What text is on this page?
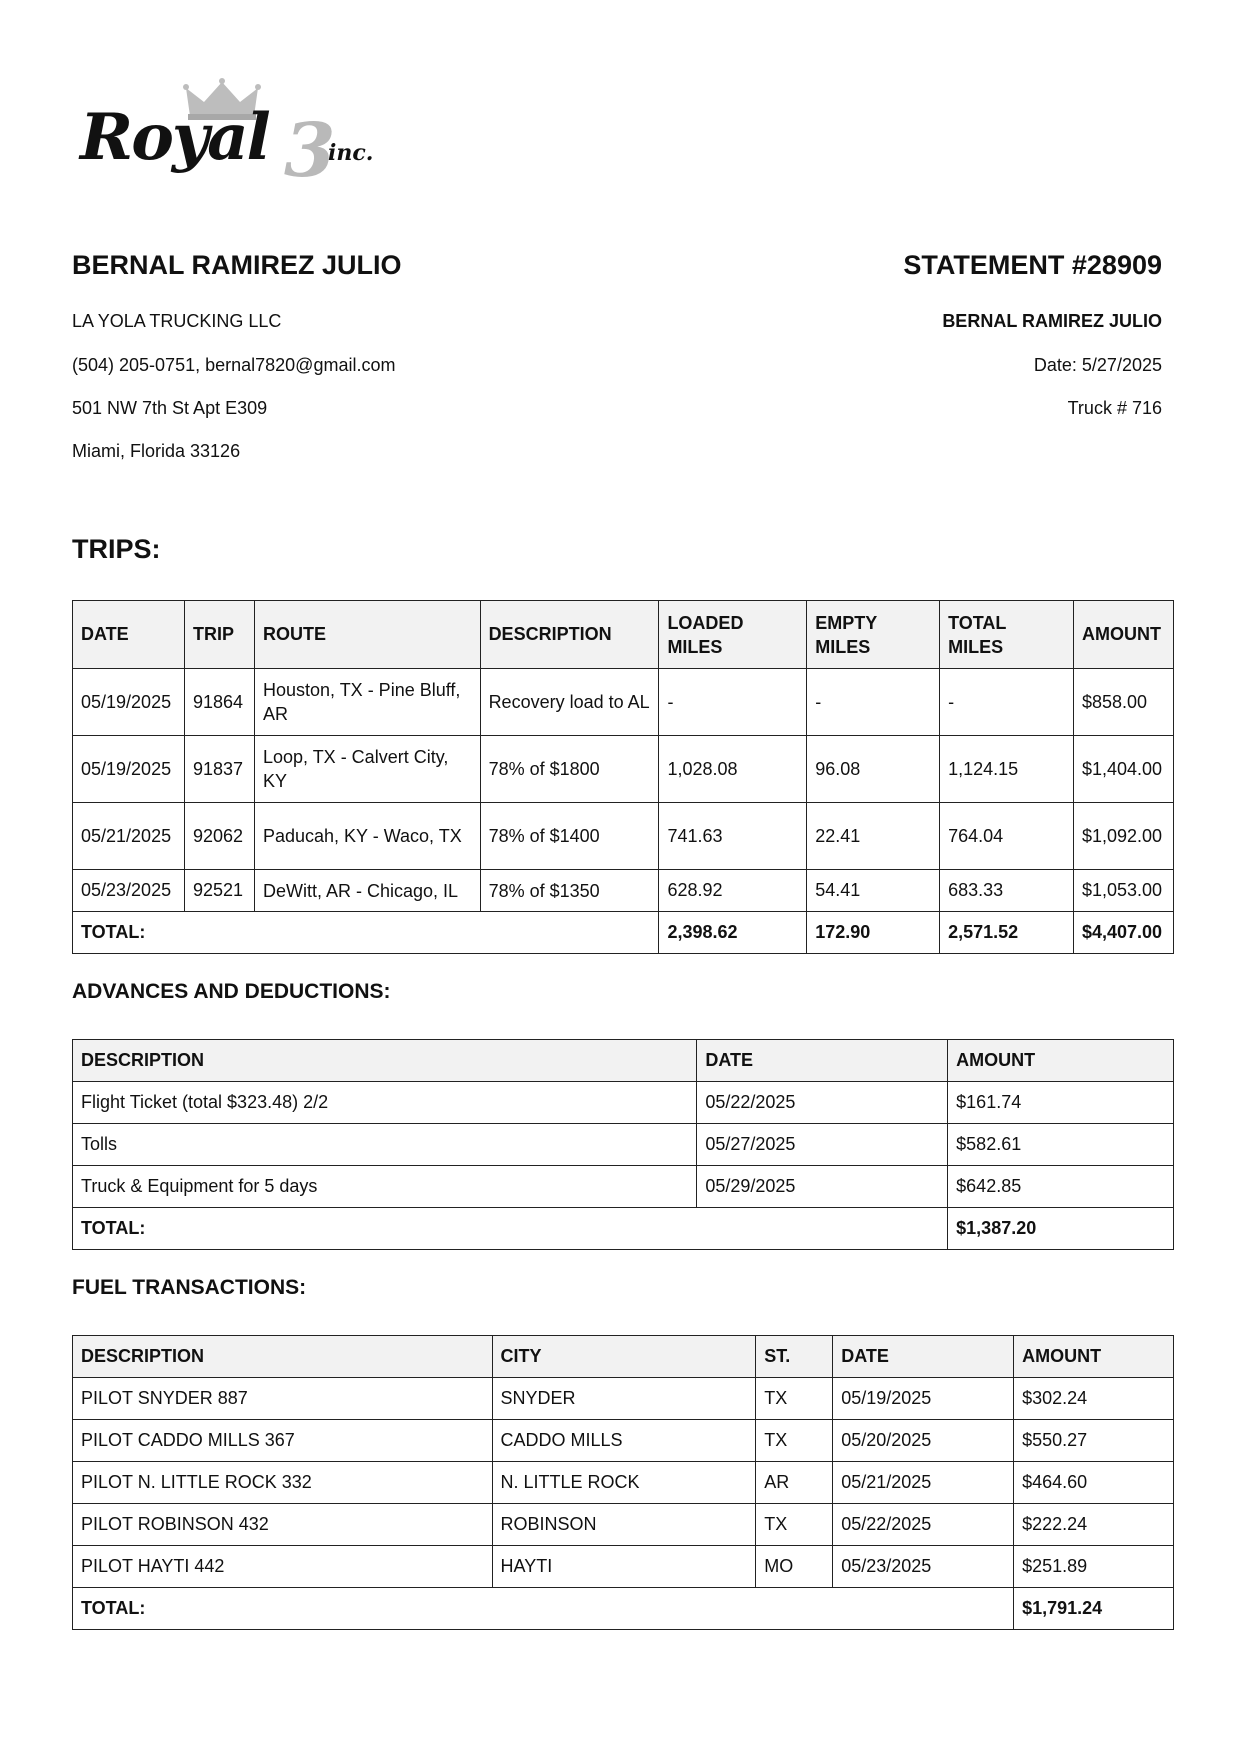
Royal 3
inc.
BERNAL RAMIREZ JULIO
LA YOLA TRUCKING LLC
(504) 205-0751, bernal7820@gmail.com
501 NW 7th St Apt E309
Miami, Florida 33126
STATEMENT #28909
BERNAL RAMIREZ JULIO
Date: 5/27/2025
Truck # 716
TRIPS:
DATE	TRIP	ROUTE	DESCRIPTION	LOADED MILES	EMPTY MILES	TOTAL MILES	AMOUNT
05/19/2025	91864	Houston, TX - Pine Bluff, AR	Recovery load to AL	-	-	-	$858.00
05/19/2025	91837	Loop, TX - Calvert City, KY	78% of $1800	1,028.08	96.08	1,124.15	$1,404.00
05/21/2025	92062	Paducah, KY - Waco, TX	78% of $1400	741.63	22.41	764.04	$1,092.00
05/23/2025	92521	DeWitt, AR - Chicago, IL	78% of $1350	628.92	54.41	683.33	$1,053.00
TOTAL:				2,398.62	172.90	2,571.52	$4,407.00
ADVANCES AND DEDUCTIONS:
DESCRIPTION	DATE	AMOUNT
Flight Ticket (total $323.48) 2/2	05/22/2025	$161.74
Tolls	05/27/2025	$582.61
Truck & Equipment for 5 days	05/29/2025	$642.85
TOTAL:		$1,387.20
FUEL TRANSACTIONS:
DESCRIPTION	CITY	ST.	DATE	AMOUNT
PILOT SNYDER 887	SNYDER	TX	05/19/2025	$302.24
PILOT CADDO MILLS 367	CADDO MILLS	TX	05/20/2025	$550.27
PILOT N. LITTLE ROCK 332	N. LITTLE ROCK	AR	05/21/2025	$464.60
PILOT ROBINSON 432	ROBINSON	TX	05/22/2025	$222.24
PILOT HAYTI 442	HAYTI	MO	05/23/2025	$251.89
TOTAL:				$1,791.24
